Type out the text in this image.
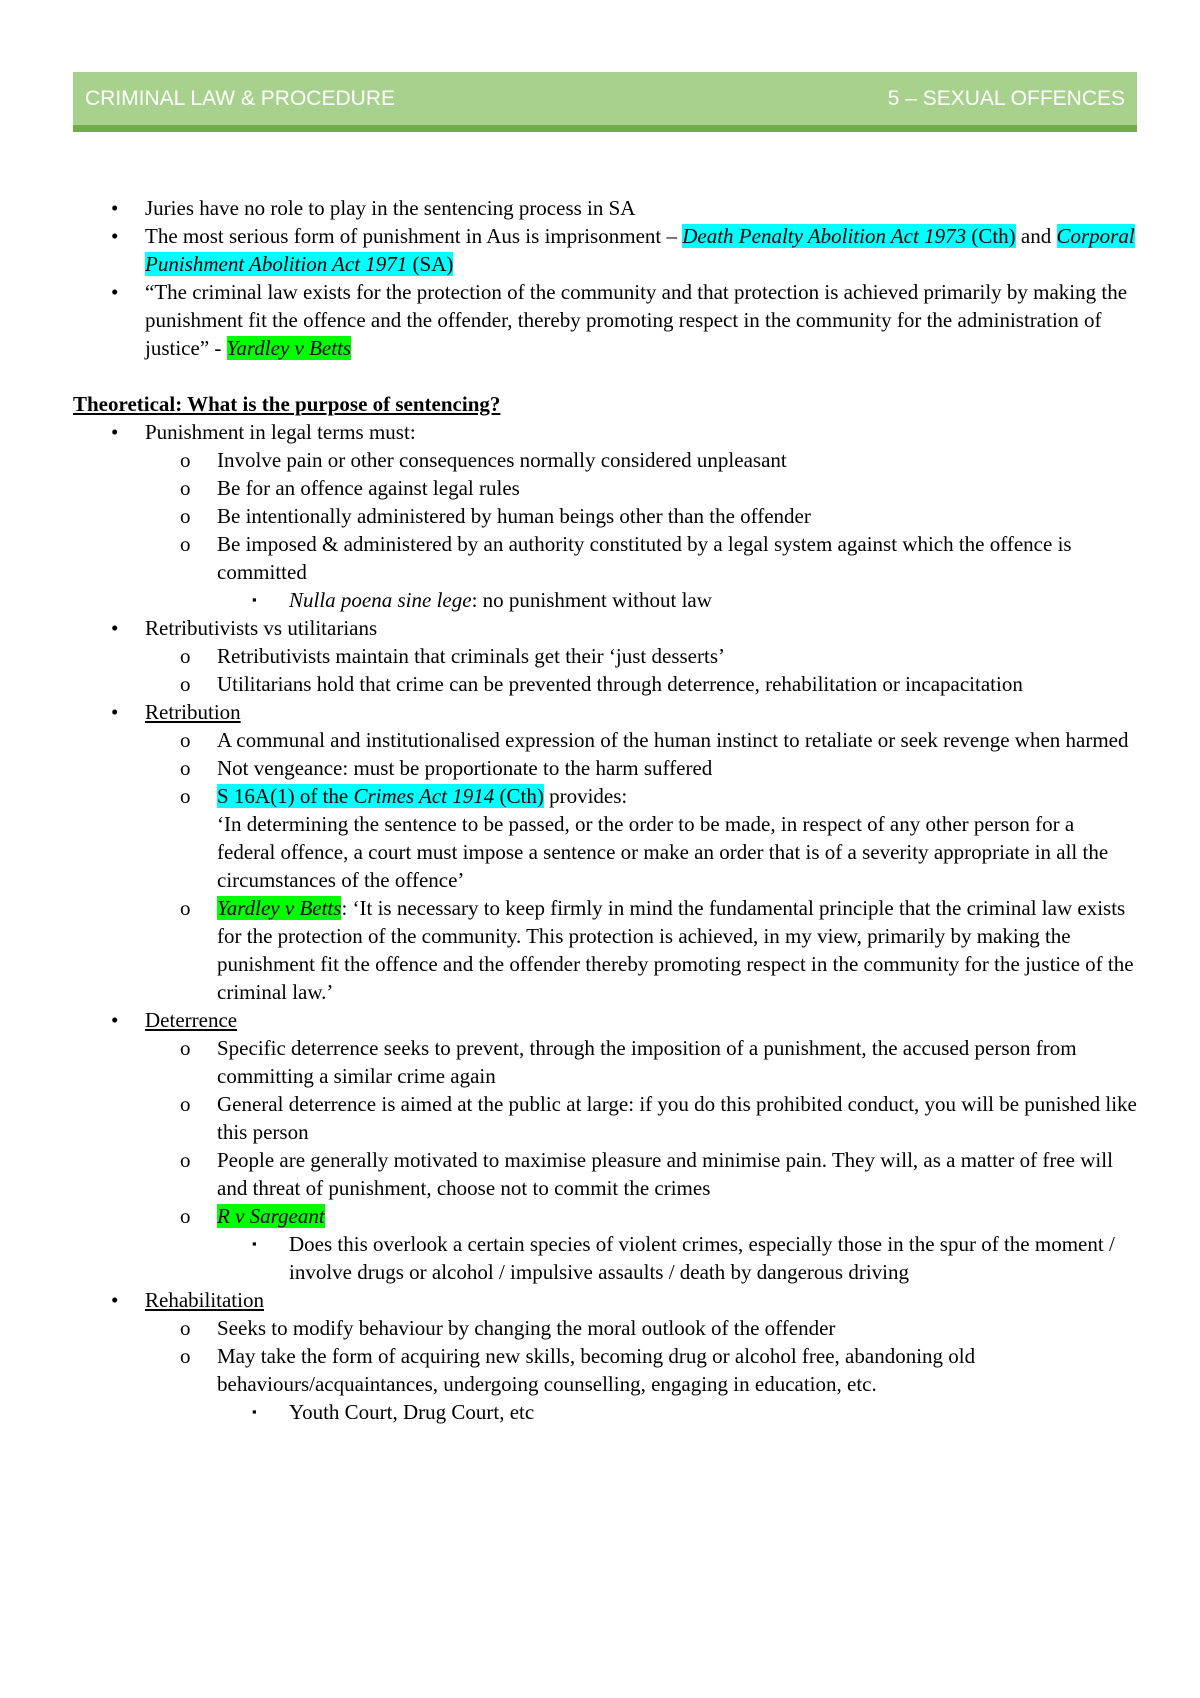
CRIMINAL LAW & PROCEDURE	5 – SEXUAL OFFENCES
• Juries have no role to play in the sentencing process in SA
• The most serious form of punishment in Aus is imprisonment – Death Penalty Abolition Act 1973 (Cth) and Corporal Punishment Abolition Act 1971 (SA)
• “The criminal law exists for the protection of the community and that protection is achieved primarily by making the punishment fit the offence and the offender, thereby promoting respect in the community for the administration of justice” - Yardley v Betts
Theoretical: What is the purpose of sentencing?
• Punishment in legal terms must:
o Involve pain or other consequences normally considered unpleasant
o Be for an offence against legal rules
o Be intentionally administered by human beings other than the offender
o Be imposed & administered by an authority constituted by a legal system against which the offence is committed
▪ Nulla poena sine lege: no punishment without law
• Retributivists vs utilitarians
o Retributivists maintain that criminals get their ‘just desserts’
o Utilitarians hold that crime can be prevented through deterrence, rehabilitation or incapacitation
• Retribution
o A communal and institutionalised expression of the human instinct to retaliate or seek revenge when harmed
o Not vengeance: must be proportionate to the harm suffered
o S 16A(1) of the Crimes Act 1914 (Cth) provides:
‘In determining the sentence to be passed, or the order to be made, in respect of any other person for a federal offence, a court must impose a sentence or make an order that is of a severity appropriate in all the circumstances of the offence’
o Yardley v Betts: ‘It is necessary to keep firmly in mind the fundamental principle that the criminal law exists for the protection of the community. This protection is achieved, in my view, primarily by making the punishment fit the offence and the offender thereby promoting respect in the community for the justice of the criminal law.’
• Deterrence
o Specific deterrence seeks to prevent, through the imposition of a punishment, the accused person from committing a similar crime again
o General deterrence is aimed at the public at large: if you do this prohibited conduct, you will be punished like this person
o People are generally motivated to maximise pleasure and minimise pain. They will, as a matter of free will and threat of punishment, choose not to commit the crimes
o R v Sargeant
▪ Does this overlook a certain species of violent crimes, especially those in the spur of the moment / involve drugs or alcohol / impulsive assaults / death by dangerous driving
• Rehabilitation
o Seeks to modify behaviour by changing the moral outlook of the offender
o May take the form of acquiring new skills, becoming drug or alcohol free, abandoning old behaviours/acquaintances, undergoing counselling, engaging in education, etc.
▪ Youth Court, Drug Court, etc
